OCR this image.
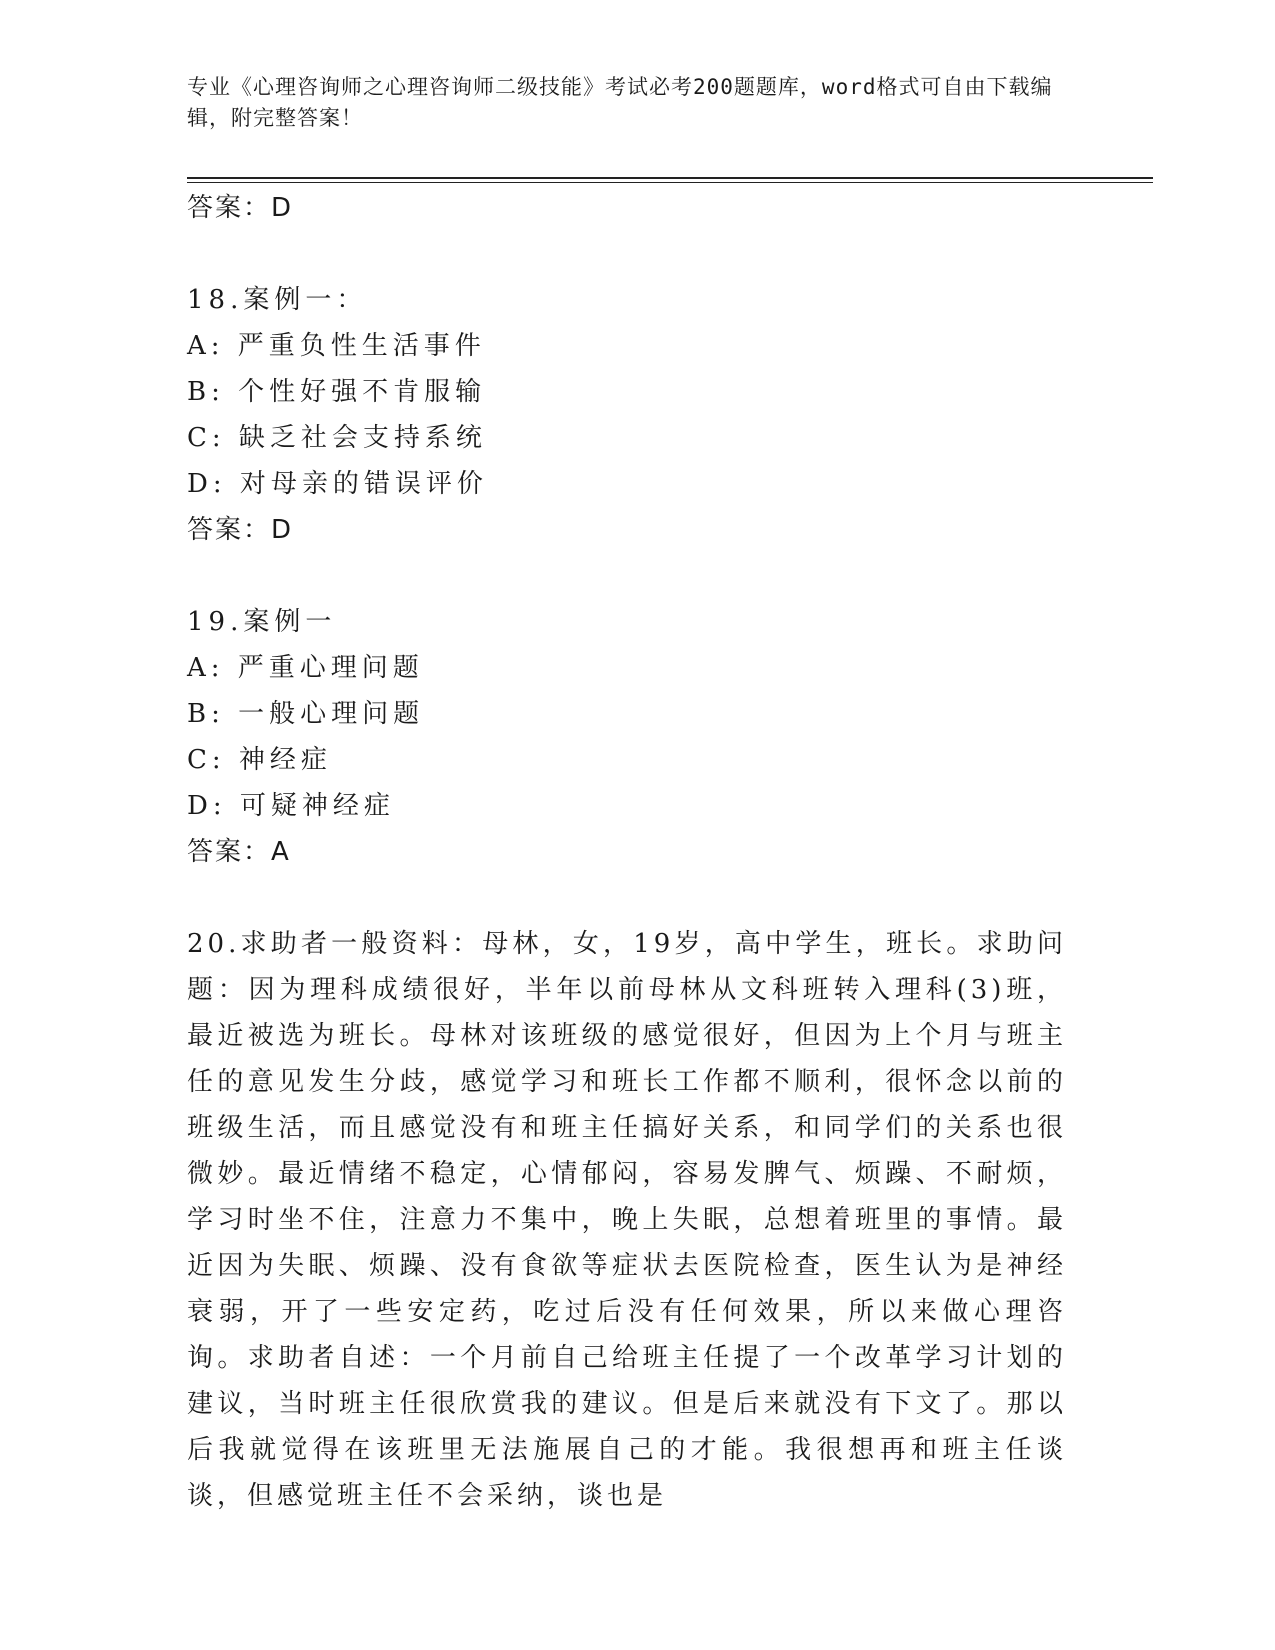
专业《心理咨询师之心理咨询师二级技能》考试必考200题题库，word格式可自由下载编辑，附完整答案！

答案：D

18.案例一：

A: 严重负性生活事件

B: 个性好强不肯服输

C: 缺乏社会支持系统

D: 对母亲的错误评价

答案：D

19.案例一

A: 严重心理问题

B: 一般心理问题

C: 神经症

D: 可疑神经症

答案：A

20.求助者一般资料：母林，女，19岁，高中学生，班长。求助问题：因为理科成绩很好，半年以前母林从文科班转入理科(3)班，最近被选为班长。母林对该班级的感觉很好，但因为上个月与班主任的意见发生分歧，感觉学习和班长工作都不顺利，很怀念以前的班级生活，而且感觉没有和班主任搞好关系，和同学们的关系也很微妙。最近情绪不稳定，心情郁闷，容易发脾气、烦躁、不耐烦，学习时坐不住，注意力不集中，晚上失眠，总想着班里的事情。最近因为失眠、烦躁、没有食欲等症状去医院检查，医生认为是神经衰弱，开了一些安定药，吃过后没有任何效果，所以来做心理咨询。求助者自述：一个月前自己给班主任提了一个改革学习计划的建议，当时班主任很欣赏我的建议。但是后来就没有下文了。那以后我就觉得在该班里无法施展自己的才能。我很想再和班主任谈谈，但感觉班主任不会采纳，谈也是
